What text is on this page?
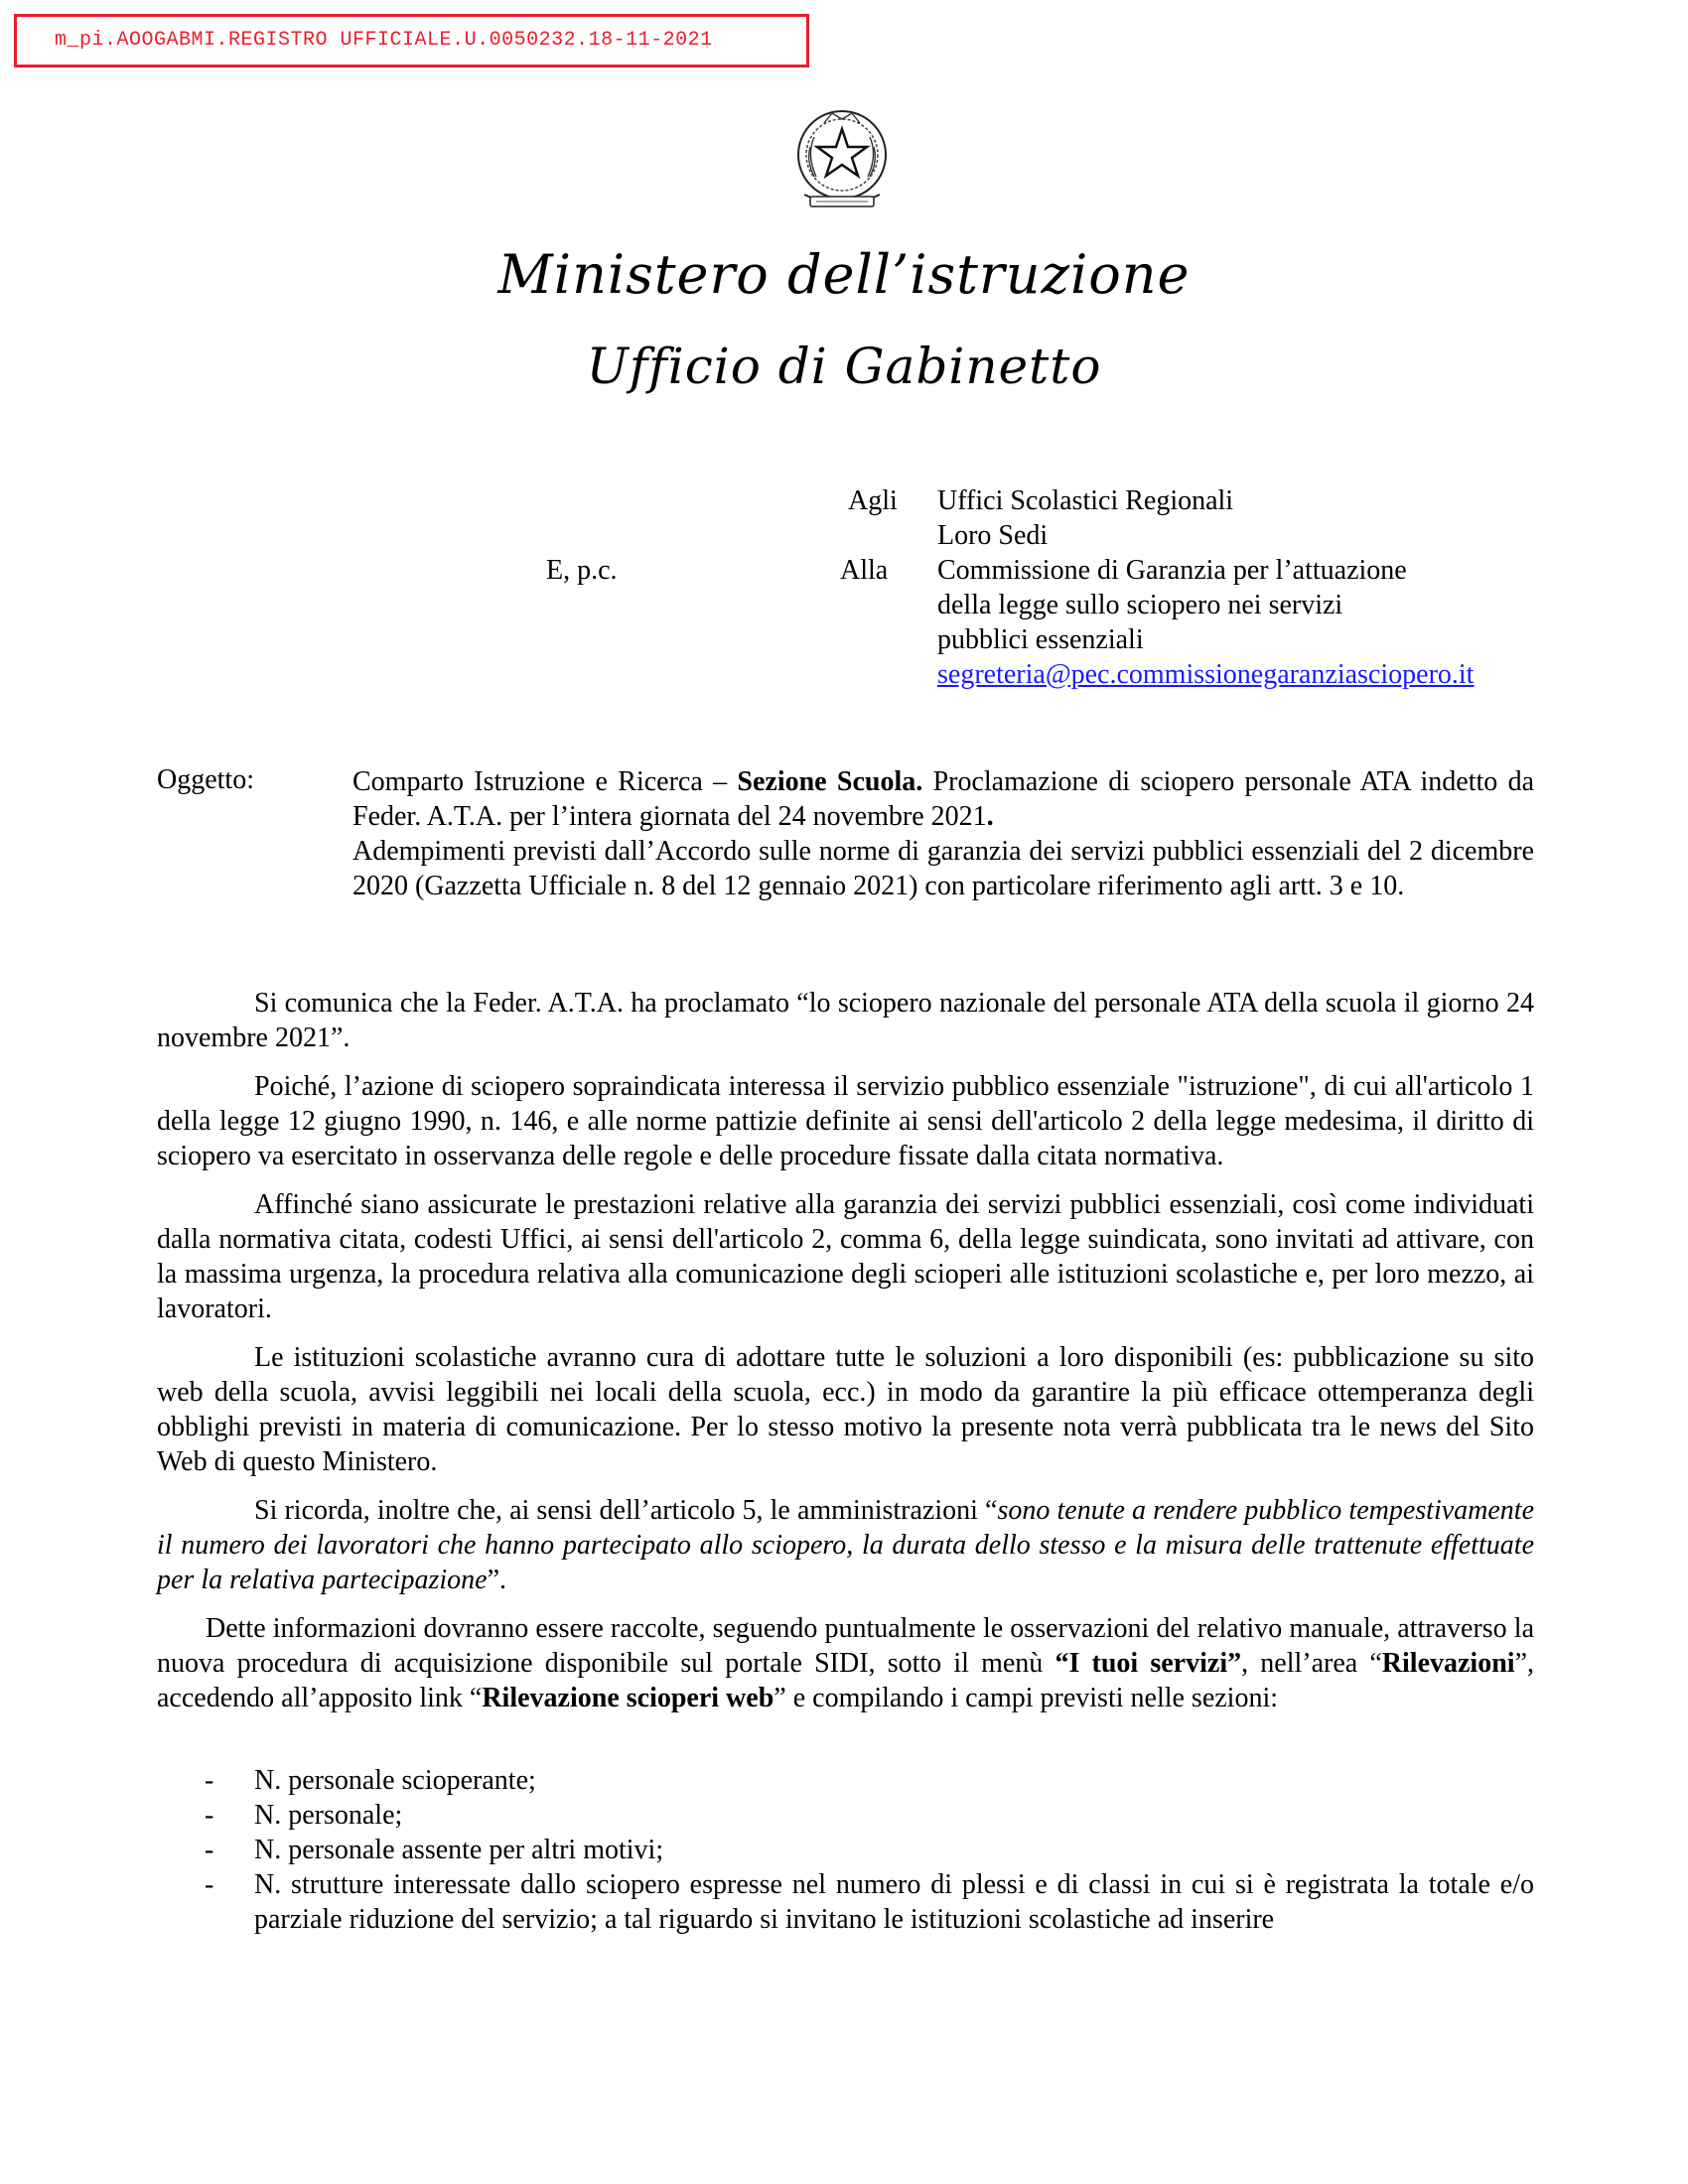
m_pi.AOOGABMI.REGISTRO UFFICIALE.U.0050232.18-11-2021
Ministero dell’istruzione
Ufficio di Gabinetto
Agli Uffici Scolastici Regionali
Loro Sedi
E, p.c.	Alla Commissione di Garanzia per l’attuazione
della legge sullo sciopero nei servizi
pubblici essenziali
segreteria@pec.commissionegaranziasciopero.it
Oggetto:	Comparto Istruzione e Ricerca – Sezione Scuola. Proclamazione di sciopero personale ATA indetto da Feder. A.T.A. per l’intera giornata del 24 novembre 2021.
Adempimenti previsti dall’Accordo sulle norme di garanzia dei servizi pubblici essenziali del 2 dicembre 2020 (Gazzetta Ufficiale n. 8 del 12 gennaio 2021) con particolare riferimento agli artt. 3 e 10.

Si comunica che la Feder. A.T.A. ha proclamato “lo sciopero nazionale del personale ATA della scuola il giorno 24 novembre 2021”.

Poiché, l’azione di sciopero sopraindicata interessa il servizio pubblico essenziale "istruzione", di cui all'articolo 1 della legge 12 giugno 1990, n. 146, e alle norme pattizie definite ai sensi dell'articolo 2 della legge medesima, il diritto di sciopero va esercitato in osservanza delle regole e delle procedure fissate dalla citata normativa.

Affinché siano assicurate le prestazioni relative alla garanzia dei servizi pubblici essenziali, così come individuati dalla normativa citata, codesti Uffici, ai sensi dell'articolo 2, comma 6, della legge suindicata, sono invitati ad attivare, con la massima urgenza, la procedura relativa alla comunicazione degli scioperi alle istituzioni scolastiche e, per loro mezzo, ai lavoratori.

Le istituzioni scolastiche avranno cura di adottare tutte le soluzioni a loro disponibili (es: pubblicazione su sito web della scuola, avvisi leggibili nei locali della scuola, ecc.) in modo da garantire la più efficace ottemperanza degli obblighi previsti in materia di comunicazione. Per lo stesso motivo la presente nota verrà pubblicata tra le news del Sito Web di questo Ministero.

Si ricorda, inoltre che, ai sensi dell’articolo 5, le amministrazioni “sono tenute a rendere pubblico tempestivamente il numero dei lavoratori che hanno partecipato allo sciopero, la durata dello stesso e la misura delle trattenute effettuate per la relativa partecipazione”.

Dette informazioni dovranno essere raccolte, seguendo puntualmente le osservazioni del relativo manuale, attraverso la nuova procedura di acquisizione disponibile sul portale SIDI, sotto il menù “I tuoi servizi”, nell’area “Rilevazioni”, accedendo all’apposito link “Rilevazione scioperi web” e compilando i campi previsti nelle sezioni:

- N. personale scioperante;
- N. personale;
- N. personale assente per altri motivi;
- N. strutture interessate dallo sciopero espresse nel numero di plessi e di classi in cui si è registrata la totale e/o parziale riduzione del servizio; a tal riguardo si invitano le istituzioni scolastiche ad inserire
